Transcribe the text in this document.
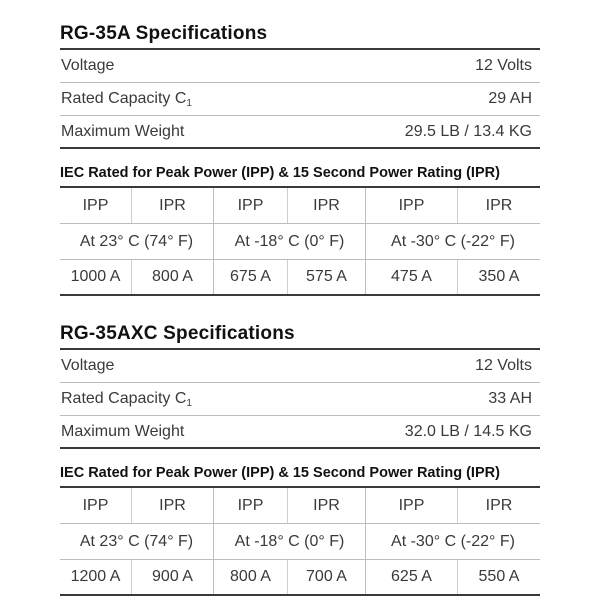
RG-35A Specifications
Voltage	12 Volts
Rated Capacity $C_1$	29 AH
Maximum Weight	29.5 LB / 13.4 KG
IEC Rated for Peak Power (IPP) & 15 Second Power Rating (IPR)
IPP	IPR	IPP	IPR	IPP	IPR
At 23° C (74° F)	At -18° C (0° F)	At -30° C (-22° F)
1000 A	800 A	675 A	575 A	475 A	350 A
RG-35AXC Specifications
Voltage	12 Volts
Rated Capacity $C_1$	33 AH
Maximum Weight	32.0 LB / 14.5 KG
IEC Rated for Peak Power (IPP) & 15 Second Power Rating (IPR)
IPP	IPR	IPP	IPR	IPP	IPR
At 23° C (74° F)	At -18° C (0° F)	At -30° C (-22° F)
1200 A	900 A	800 A	700 A	625 A	550 A
